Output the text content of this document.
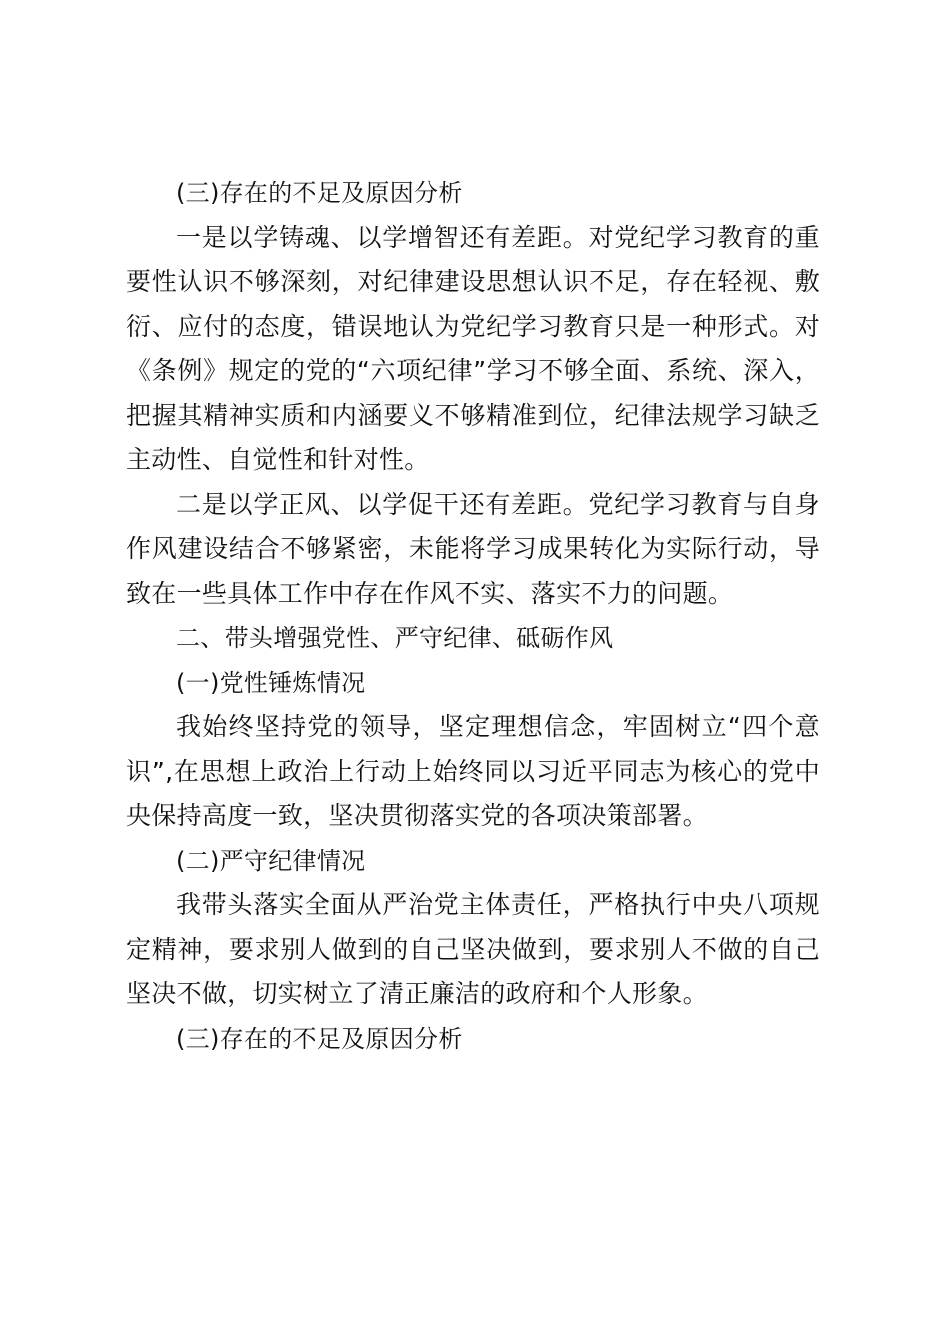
(三)存在的不足及原因分析

一是以学铸魂、以学增智还有差距。对党纪学习教育的重要性认识不够深刻，对纪律建设思想认识不足，存在轻视、敷衍、应付的态度，错误地认为党纪学习教育只是一种形式。对《条例》规定的党的“六项纪律”学习不够全面、系统、深入，把握其精神实质和内涵要义不够精准到位，纪律法规学习缺乏主动性、自觉性和针对性。

二是以学正风、以学促干还有差距。党纪学习教育与自身作风建设结合不够紧密，未能将学习成果转化为实际行动，导致在一些具体工作中存在作风不实、落实不力的问题。

二、带头增强党性、严守纪律、砥砺作风

(一)党性锤炼情况

我始终坚持党的领导，坚定理想信念，牢固树立“四个意识”,在思想上政治上行动上始终同以习近平同志为核心的党中央保持高度一致，坚决贯彻落实党的各项决策部署。

(二)严守纪律情况

我带头落实全面从严治党主体责任，严格执行中央八项规定精神，要求别人做到的自己坚决做到，要求别人不做的自己坚决不做，切实树立了清正廉洁的政府和个人形象。

(三)存在的不足及原因分析
